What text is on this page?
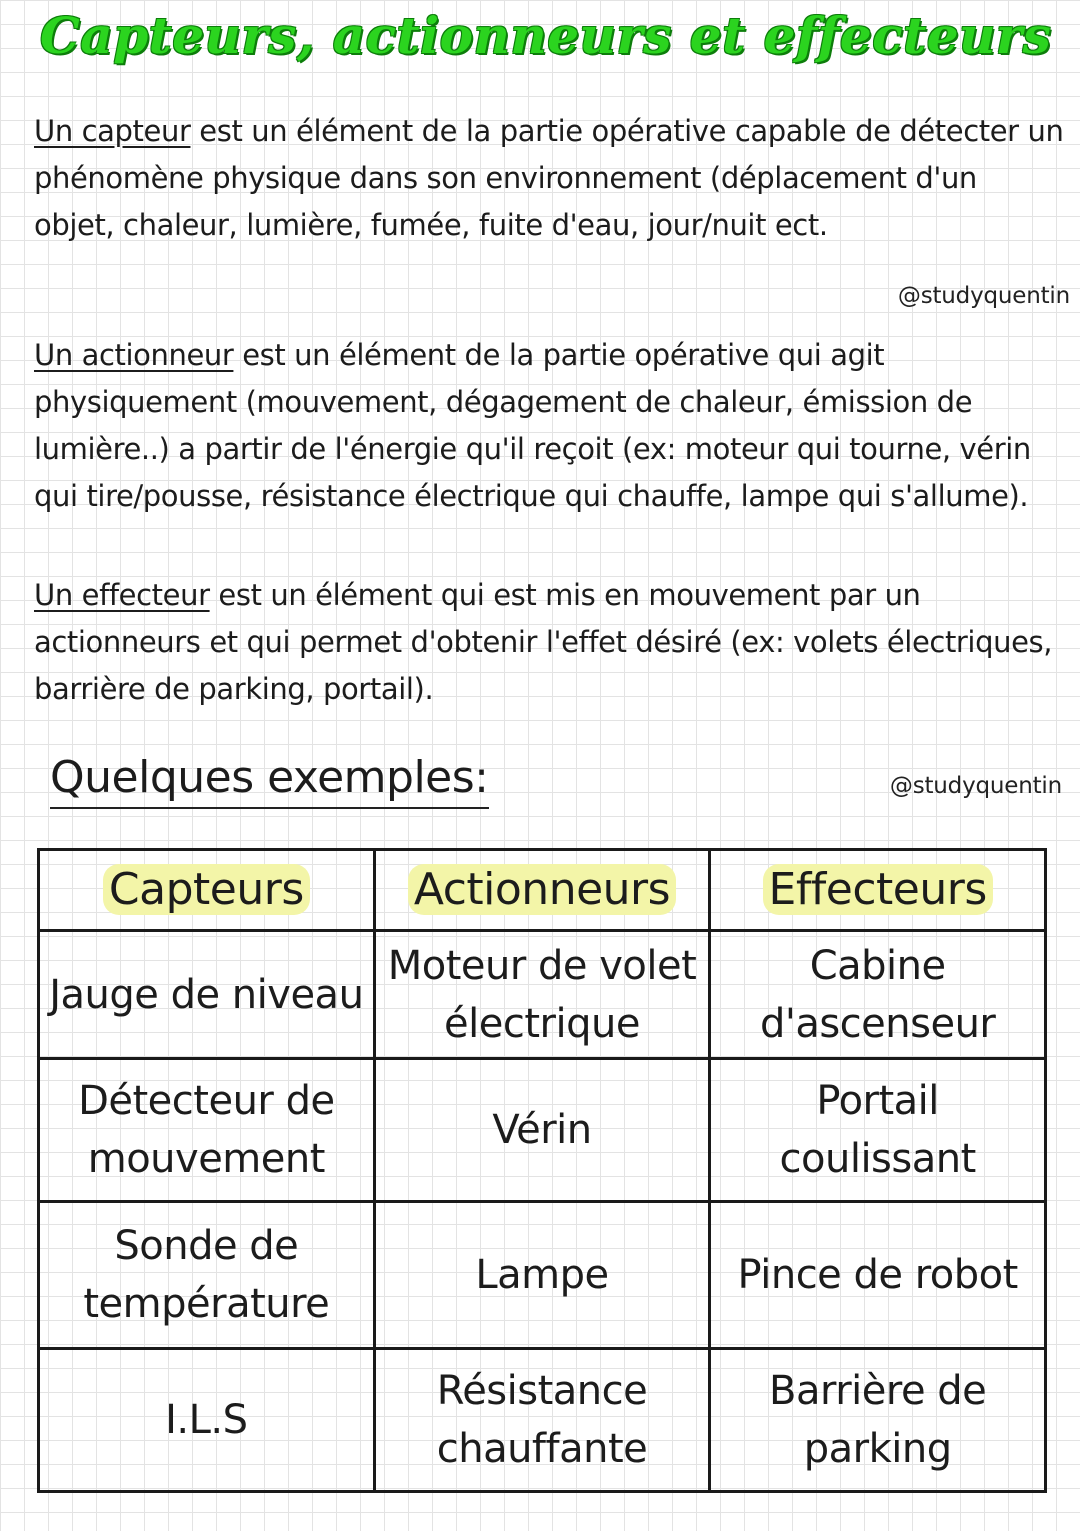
Capteurs, actionneurs et effecteurs

Un capteur est un élément de la partie opérative capable de détecter un phénomène physique dans son environnement (déplacement d'un objet, chaleur, lumière, fumée, fuite d'eau, jour/nuit ect.

@studyquentin

Un actionneur est un élément de la partie opérative qui agit physiquement (mouvement, dégagement de chaleur, émission de lumière..) a partir de l'énergie qu'il reçoit (ex: moteur qui tourne, vérin qui tire/pousse, résistance électrique qui chauffe, lampe qui s'allume).

Un effecteur est un élément qui est mis en mouvement par un actionneurs et qui permet d'obtenir l'effet désiré (ex: volets électriques, barrière de parking, portail).

Quelques exemples:	@studyquentin
Capteurs	Actionneurs	Effecteurs
Jauge de niveau	Moteur de volet électrique	Cabine d'ascenseur
Détecteur de mouvement	Vérin	Portail coulissant
Sonde de température	Lampe	Pince de robot
I.L.S	Résistance chauffante	Barrière de parking
